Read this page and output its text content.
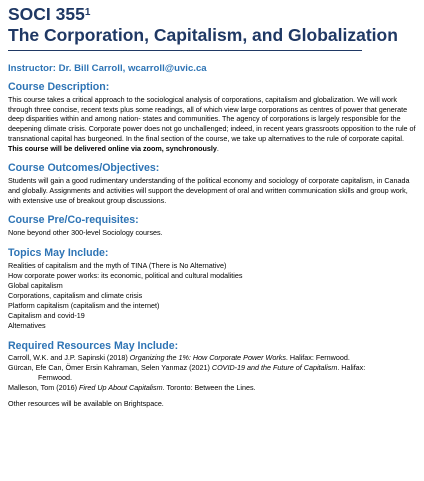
SOCI $355^1$
The Corporation, Capitalism, and Globalization
Instructor: Dr. Bill Carroll, wcarroll@uvic.ca
Course Description:

This course takes a critical approach to the sociological analysis of corporations, capitalism and globalization. We will work through three concise, recent texts plus some readings, all of which view large corporations as centres of power that generate deep disparities within and among nation- states and communities. The agency of corporations is largely responsible for the deepening climate crisis. Corporate power does not go unchallenged; indeed, in recent years grassroots opposition to the rule of transnational capital has burgeoned. In the final section of the course, we take up alternatives to the rule of corporate capital. This course will be delivered online via zoom, synchronously.

Course Outcomes/Objectives:

Students will gain a good rudimentary understanding of the political economy and sociology of corporate capitalism, in Canada and globally. Assignments and activities will support the development of oral and written communication skills and group work, with extensive use of breakout group discussions.

Course Pre/Co-requisites:

None beyond other 300-level Sociology courses.

Topics May Include:
Realities of capitalism and the myth of TINA (There is No Alternative)
How corporate power works: its economic, political and cultural modalities
Global capitalism
Corporations, capitalism and climate crisis
Platform capitalism (capitalism and the internet)
Capitalism and covid-19
Alternatives
Required Resources May Include:
Carroll, W.K. and J.P. Sapinski (2018) Organizing the 1%: How Corporate Power Works. Halifax: Fernwood.
Gürcan, Efe Can, Ömer Ersin Kahraman, Selen Yanmaz (2021) COVID-19 and the Future of Capitalism. Halifax:
Fernwood.
Malleson, Tom (2016) Fired Up About Capitalism. Toronto: Between the Lines.
Other resources will be available on Brightspace.
